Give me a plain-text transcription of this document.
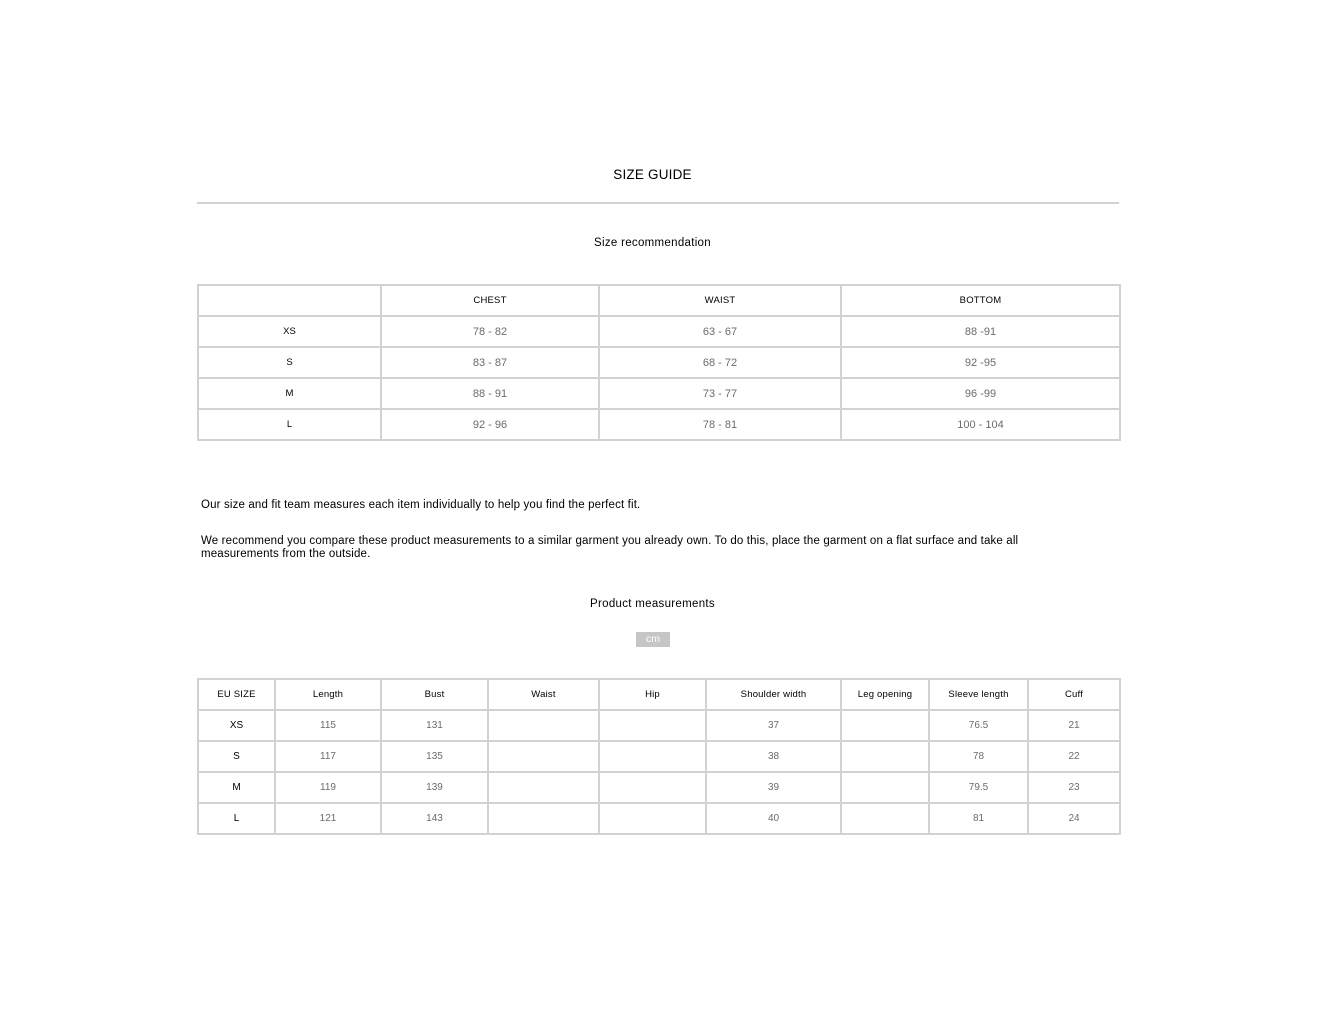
SIZE GUIDE
Size recommendation
	CHEST	WAIST	BOTTOM
XS	78 - 82	63 - 67	88 -91
S	83 - 87	68 - 72	92 -95
M	88 - 91	73 - 77	96 -99
L	92 - 96	78 - 81	100 - 104
Our size and fit team measures each item individually to help you find the perfect fit.
We recommend you compare these product measurements to a similar garment you already own. To do this, place the garment on a flat surface and take all measurements from the outside.
Product measurements
cm
EU SIZE	Length	Bust	Waist	Hip	Shoulder width	Leg opening	Sleeve length	Cuff
XS	115	131			37		76.5	21
S	117	135			38		78	22
M	119	139			39		79.5	23
L	121	143			40		81	24
